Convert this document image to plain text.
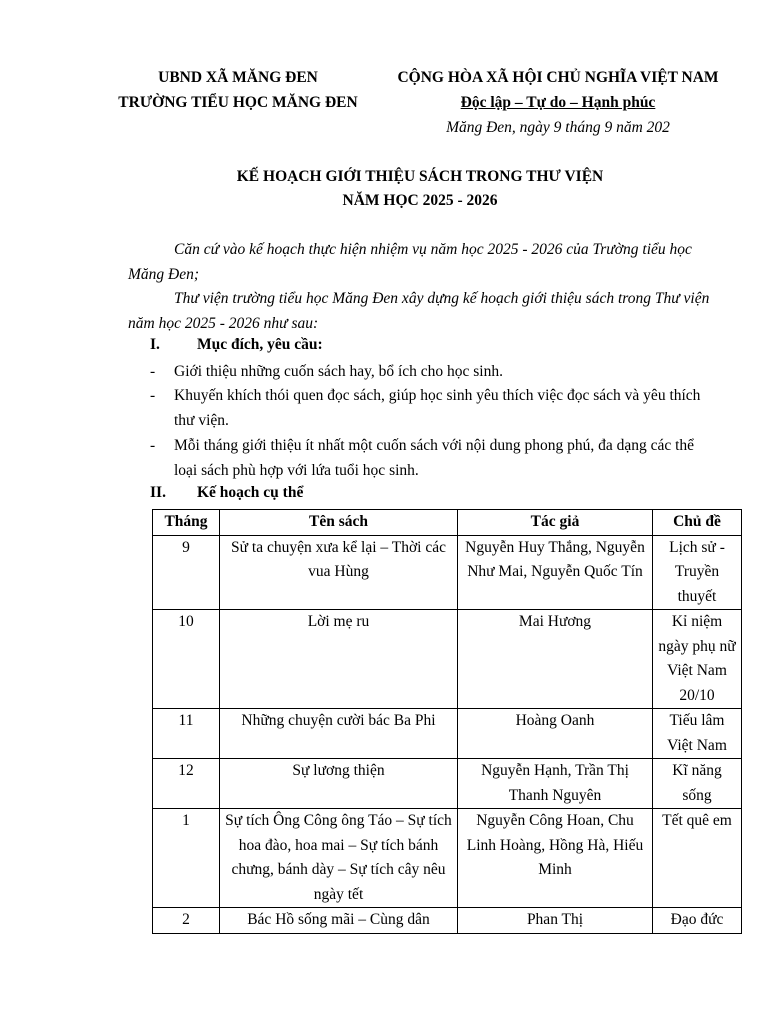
UBND XÃ MĂNG ĐEN
TRƯỜNG TIỂU HỌC MĂNG ĐEN
CỘNG HÒA XÃ HỘI CHỦ NGHĨA VIỆT NAM
Độc lập – Tự do – Hạnh phúc
Măng Đen, ngày 9 tháng 9 năm 202
KẾ HOẠCH GIỚI THIỆU SÁCH TRONG THƯ VIỆN
NĂM HỌC 2025 - 2026
Căn cứ vào kế hoạch thực hiện nhiệm vụ năm học 2025 - 2026 của Trường tiểu học Măng Đen;
Thư viện trường tiểu học Măng Đen xây dựng kế hoạch giới thiệu sách trong Thư viện năm học 2025 - 2026 như sau:
I. Mục đích, yêu cầu:
-	Giới thiệu những cuốn sách hay, bổ ích cho học sinh.
-	Khuyến khích thói quen đọc sách, giúp học sinh yêu thích việc đọc sách và yêu thích thư viện.
-	Mỗi tháng giới thiệu ít nhất một cuốn sách với nội dung phong phú, đa dạng các thể loại sách phù hợp với lứa tuổi học sinh.
II. Kế hoạch cụ thể
Tháng	Tên sách	Tác giả	Chủ đề
9	Sử ta chuyện xưa kể lại – Thời các vua Hùng	Nguyễn Huy Thắng, Nguyễn Như Mai, Nguyễn Quốc Tín	Lịch sử - Truyền thuyết
10	Lời mẹ ru	Mai Hương	Kỉ niệm ngày phụ nữ Việt Nam 20/10
11	Những chuyện cười bác Ba Phi	Hoàng Oanh	Tiếu lâm Việt Nam
12	Sự lương thiện	Nguyễn Hạnh, Trần Thị Thanh Nguyên	Kĩ năng sống
1	Sự tích Ông Công ông Táo – Sự tích hoa đào, hoa mai – Sự tích bánh chưng, bánh dày – Sự tích cây nêu ngày tết	Nguyễn Công Hoan, Chu Linh Hoàng, Hồng Hà, Hiếu Minh	Tết quê em
2	Bác Hồ sống mãi – Cùng dân	Phan Thị	Đạo đức
